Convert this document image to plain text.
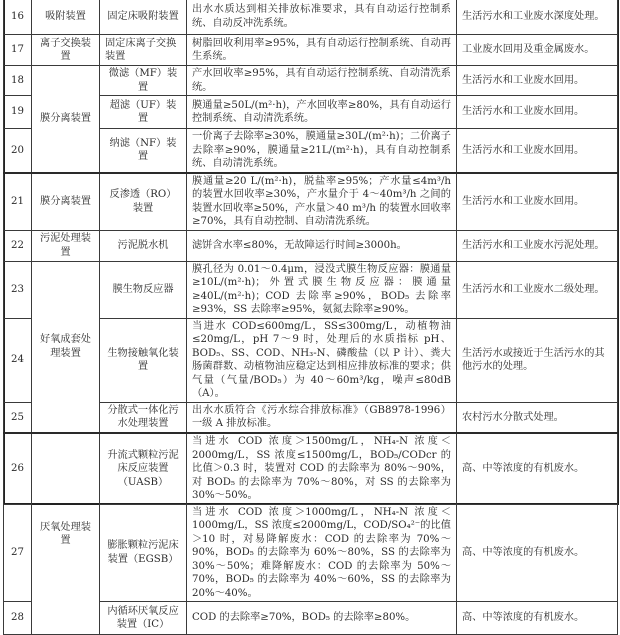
16	吸附装置	固定床吸附装置	出水水质达到相关排放标准要求，具有自动运行控制系统、自动反冲洗系统。	生活污水和工业废水深度处理。
17	离子交换装置	固定床离子交换装置	树脂回收利用率≥95%，具有自动运行控制系统、自动再生系统。	工业废水回用及重金属废水。
18	膜分离装置	微滤（MF）装置	产水回收率≥95%，具有自动运行控制系统、自动清洗系统。	生活污水和工业废水回用。
19		超滤（UF）装置	膜通量≥50L/(m²·h)，产水回收率≥80%，具有自动运行控制系统、自动清洗系统。	生活污水和工业废水回用。
20		纳滤（NF）装置	一价离子去除率≥30%，膜通量≥30L/(m²·h)；二价离子去除率≥90%，膜通量≥21L/(m²·h)，具有自动控制系统、自动清洗系统。	生活污水和工业废水回用。
21	膜分离装置	反渗透（RO）装置	膜通量≥20 L/(m²·h)，脱盐率≥95%；产水量≤4m³/h 的装置水回收率≥30%，产水量介于 4～40m³/h 之间的装置水回收率≥50%，产水量＞40 m³/h 的装置水回收率≥70%，具有自动控制、自动清洗系统。	生活污水和工业废水回用。
22	污泥处理装置	污泥脱水机	滤饼含水率≤80%，无故障运行时间≥3000h。	生活污水和工业废水污泥处理。
23	好氧成套处理装置	膜生物反应器	膜孔径为 0.01～0.4μm，浸没式膜生物反应器：膜通量≥10L/(m²·h)；外置式膜生物反应器：膜通量≥40L/(m²·h)；COD 去除率≥90%，BOD₅ 去除率≥93%，SS 去除率≥95%，氨氮去除率≥90%。	生活污水和工业废水二级处理。
24		生物接触氧化装置	当进水 COD≤600mg/L，SS≤300mg/L，动植物油≤20mg/L，pH 7～9 时，处理后的水质指标 pH、BOD₅、SS、COD、NH₃-N、磷酸盐（以 P 计）、粪大肠菌群数、动植物油应稳定达到相应排放标准的要求；供气量（气量/BOD₅）为 40～60m³/kg，噪声≤80dB（A）。	生活污水或接近于生活污水的其他污水的处理。
25		分散式一体化污水处理装置	出水水质符合《污水综合排放标准》（GB8978-1996）一级 A 排放标准。	农村污水分散式处理。
26	厌氧处理装置	升流式颗粒污泥床反应装置（UASB）	当进水 COD 浓度＞1500mg/L，NH₄-N 浓度＜2000mg/L，SS 浓度≤1500mg/L，BOD₅/CODcr 的比值＞0.3 时，装置对 COD 的去除率为 80%～90%，对 BOD₅ 的去除率为 70%～80%，对 SS 的去除率为 30%～50%。	高、中等浓度的有机废水。
27		膨胀颗粒污泥床装置（EGSB）	当进水 COD 浓度＞1000mg/L，NH₄-N 浓度＜1000mg/L，SS 浓度≤2000mg/L，COD/SO₄²⁻的比值＞10 时，对易降解废水：COD 的去除率为 70%～90%，BOD₅ 的去除率为 60%～80%，SS 的去除率为 30%～50%；难降解废水：COD 的去除率为 50%～70%，BOD₅ 的去除率为 40%～60%，SS 的去除率为 20%～40%。	高、中等浓度的有机废水。
28		内循环厌氧反应装置（IC）	COD 的去除率≥70%，BOD₅ 的去除率≥80%。	高、中等浓度的有机废水。
